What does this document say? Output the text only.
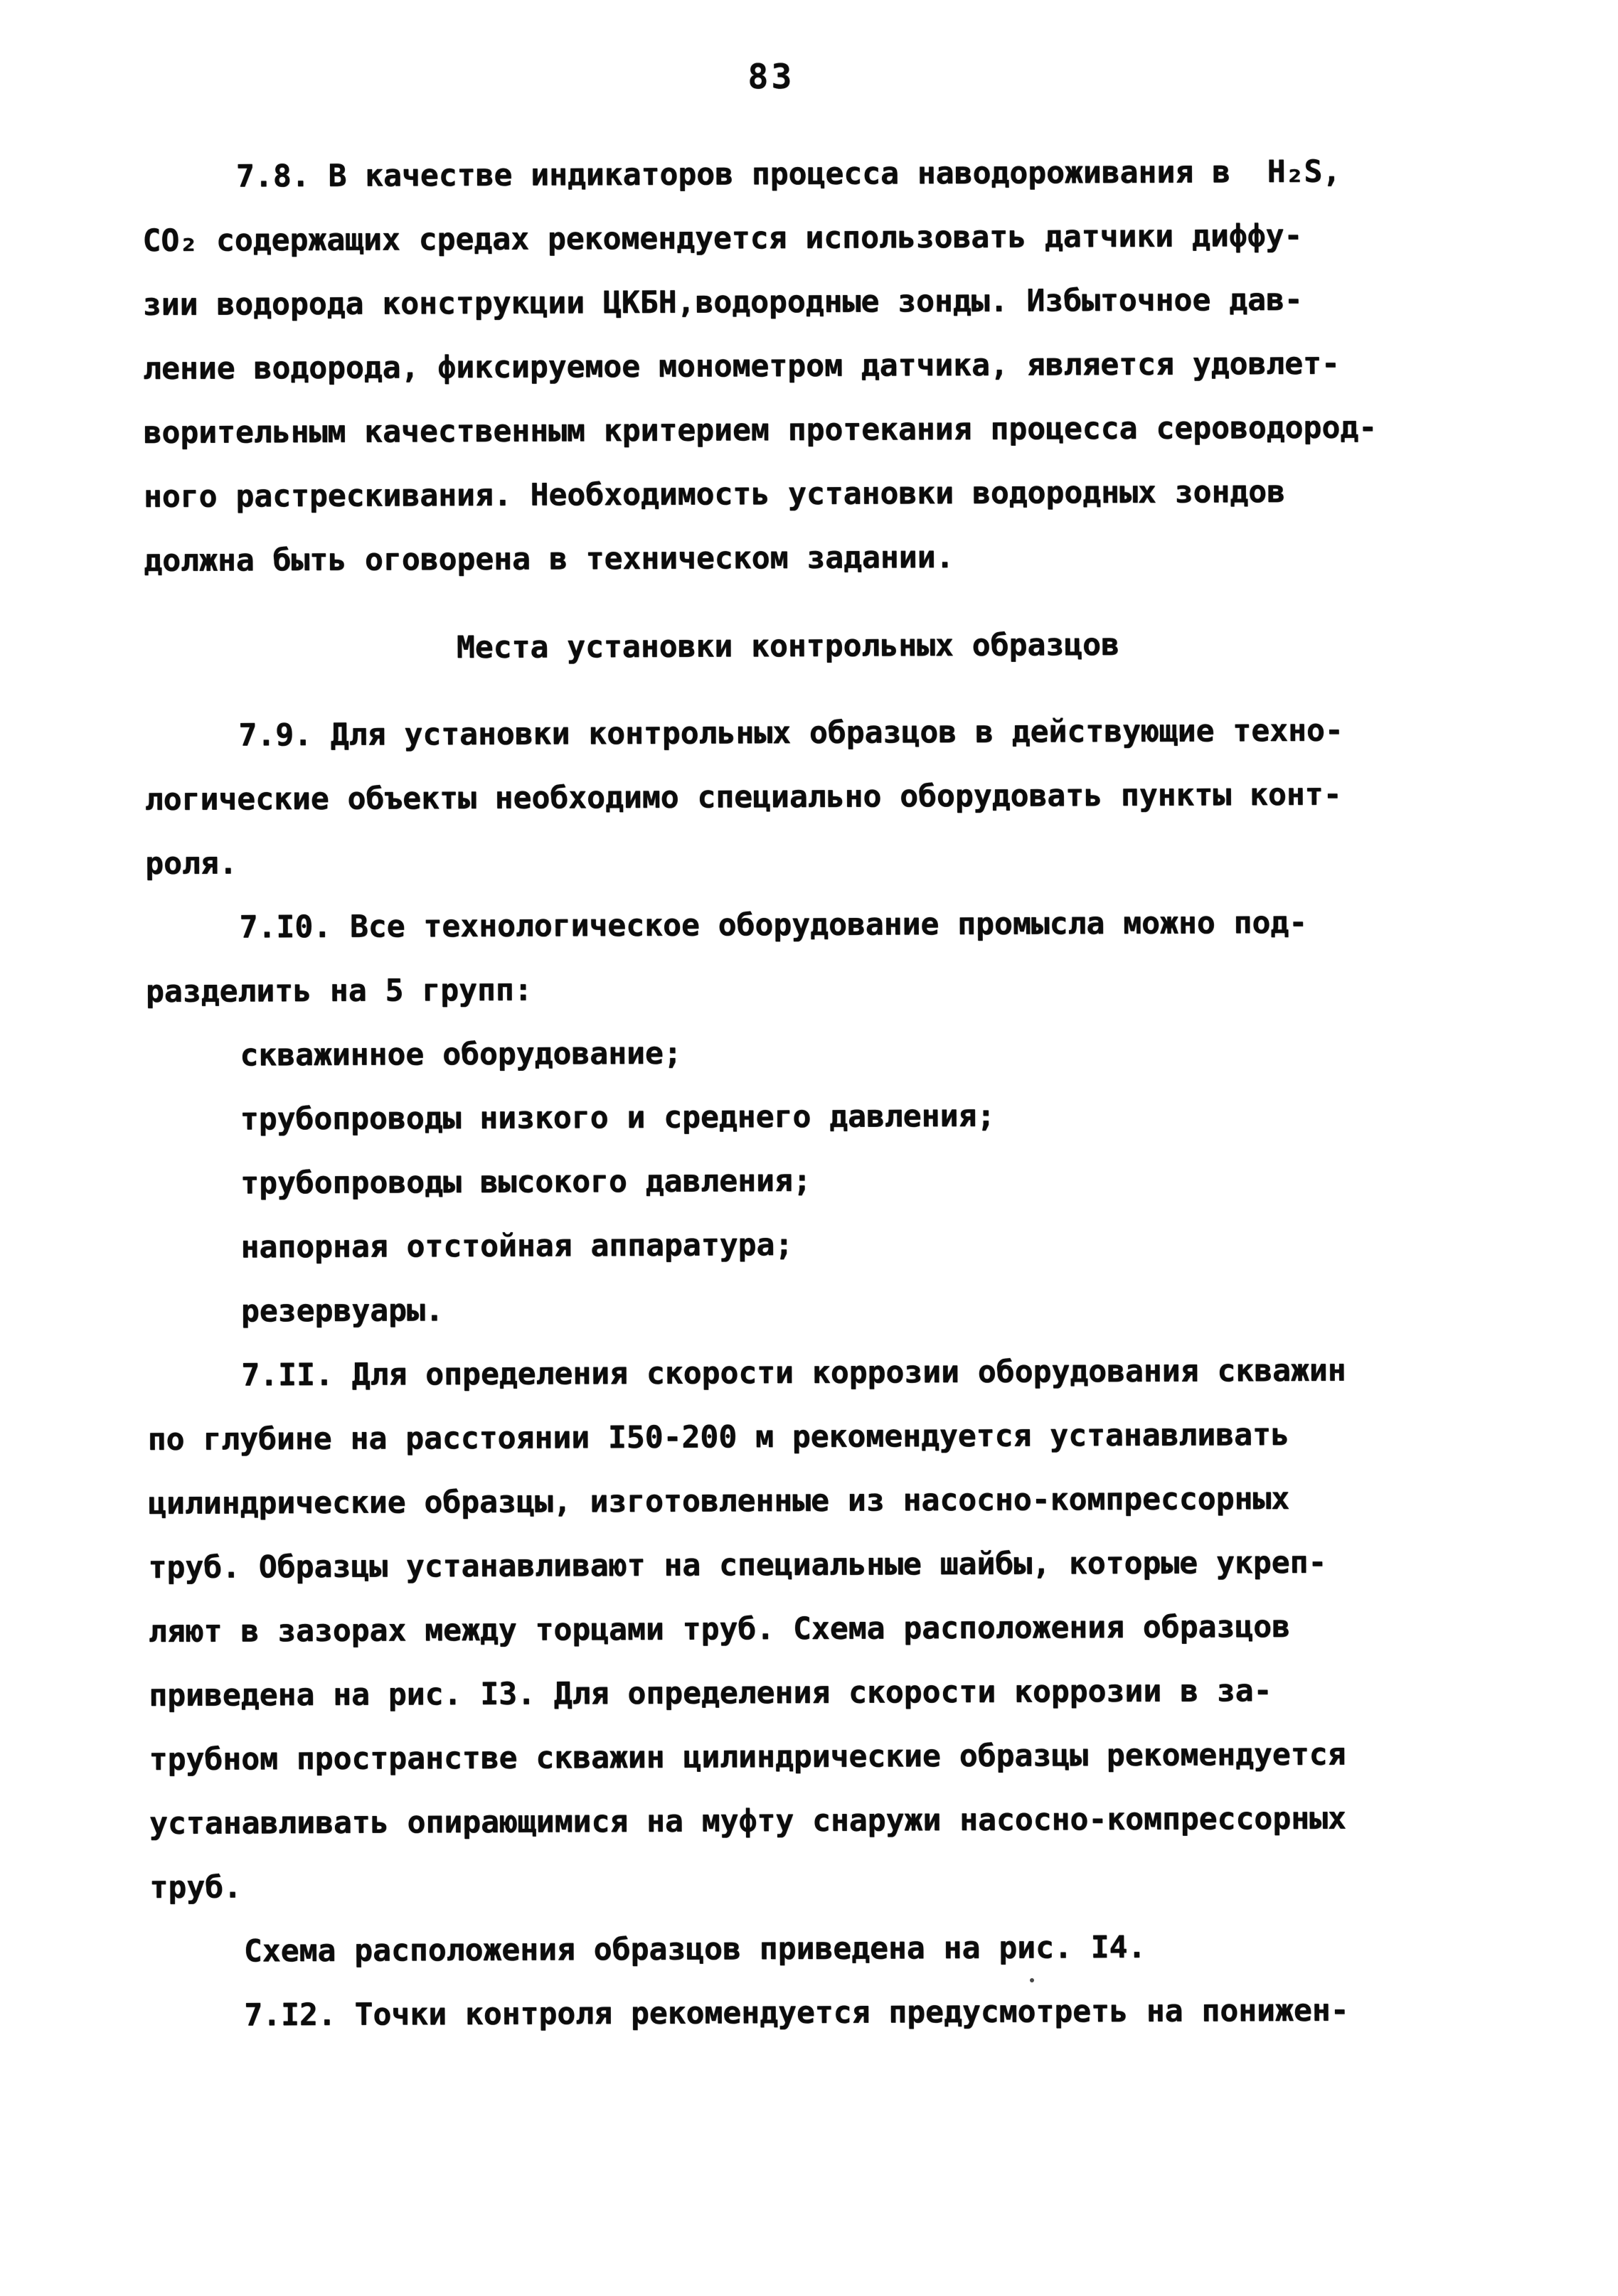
83
7.8. В качестве индикаторов процесса наводороживания в  Н₂S,
СО₂ содержащих средах рекомендуется использовать датчики диффу-
зии водорода конструкции ЦКБН,водородные зонды. Избыточное дав-
ление водорода, фиксируемое монометром датчика, является удовлет-
ворительным качественным критерием протекания процесса сероводород-
ного растрескивания. Необходимость установки водородных зондов
должна быть оговорена в техническом задании.
Места установки контрольных образцов
7.9. Для установки контрольных образцов в действующие техно-
логические объекты необходимо специально оборудовать пункты конт-
роля.
7.I0. Все технологическое оборудование промысла можно под-
разделить на 5 групп:
скважинное оборудование;
трубопроводы низкого и среднего давления;
трубопроводы высокого давления;
напорная отстойная аппаратура;
резервуары.
7.II. Для определения скорости коррозии оборудования скважин
по глубине на расстоянии I50-200 м рекомендуется устанавливать
цилиндрические образцы, изготовленные из насосно-компрессорных
труб. Образцы устанавливают на специальные шайбы, которые укреп-
ляют в зазорах между торцами труб. Схема расположения образцов
приведена на рис. I3. Для определения скорости коррозии в за-
трубном пространстве скважин цилиндрические образцы рекомендуется
устанавливать опирающимися на муфту снаружи насосно-компрессорных
труб.
Схема расположения образцов приведена на рис. I4.
7.I2. Точки контроля рекомендуется предусмотреть на понижен-
